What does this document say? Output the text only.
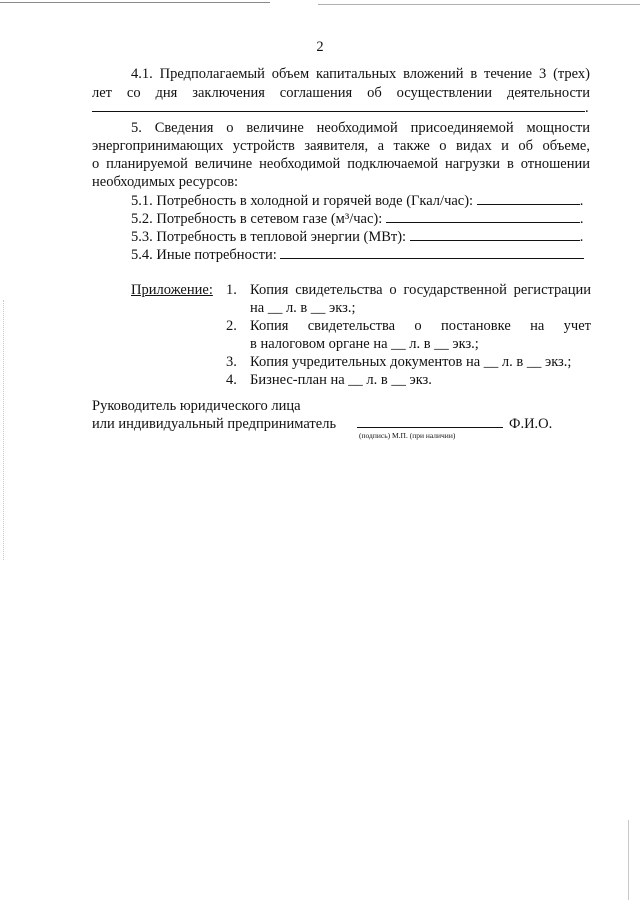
2
4.1. Предполагаемый объем капитальных вложений в течение 3 (трех)
лет со дня заключения соглашения об осуществлении деятельности
.
5. Сведения о величине необходимой присоединяемой мощности
энергопринимающих устройств заявителя, а также о видах и об объеме,
о планируемой величине необходимой подключаемой нагрузки в отношении
необходимых ресурсов:
5.1. Потребность в холодной и горячей воде (Гкал/час):	.
5.2. Потребность в сетевом газе (м³/час):	.
5.3. Потребность в тепловой энергии (МВт):	.
5.4. Иные потребности:
Приложение: 1. Копия свидетельства о государственной регистрации
на __ л. в __ экз.;
2. Копия свидетельства о постановке на учет
в налоговом органе на __ л. в __ экз.;
3. Копия учредительных документов на __ л. в __ экз.;
4. Бизнес-план на __ л. в __ экз.
Руководитель юридического лица
или индивидуальный предприниматель	Ф.И.О.
(подпись) М.П. (при наличии)
